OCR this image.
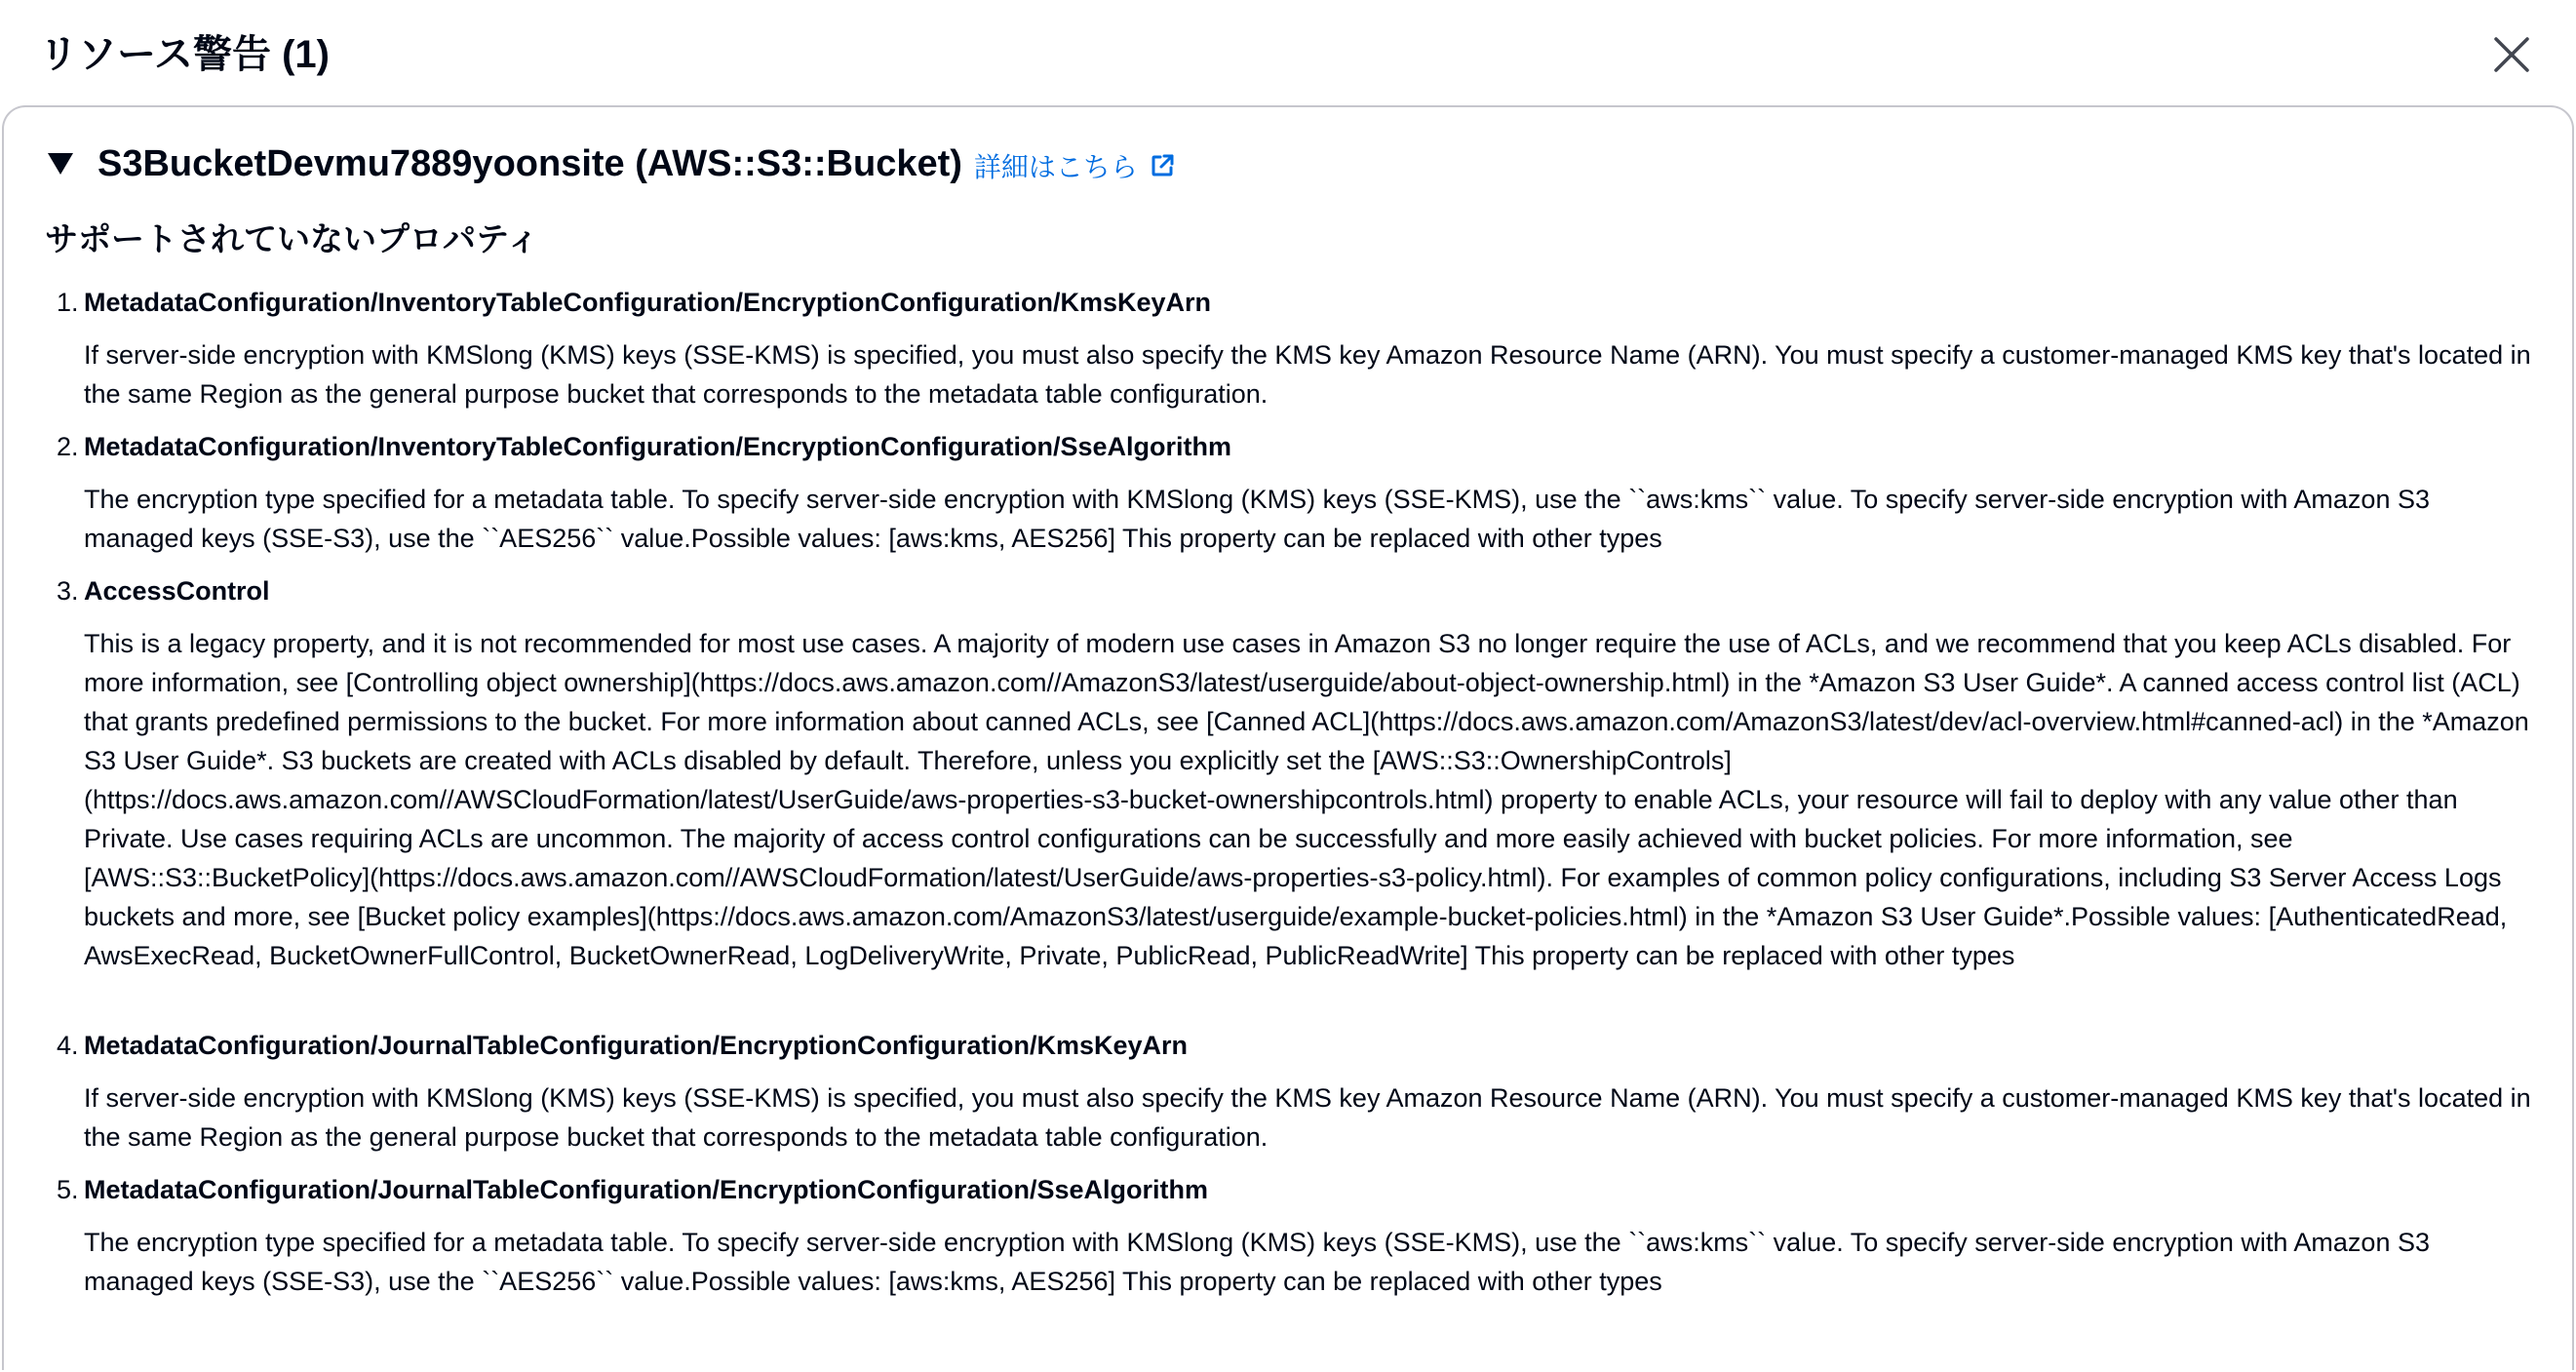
リソース警告 (1)
S3BucketDevmu7889yoonsite (AWS::S3::Bucket) 詳細はこちら
サポートされていないプロパティ
1. MetadataConfiguration/InventoryTableConfiguration/EncryptionConfiguration/KmsKeyArn
If server-side encryption with KMSlong (KMS) keys (SSE-KMS) is specified, you must also specify the KMS key Amazon Resource Name (ARN). You must specify a customer-managed KMS key that's located in the same Region as the general purpose bucket that corresponds to the metadata table configuration.
2. MetadataConfiguration/InventoryTableConfiguration/EncryptionConfiguration/SseAlgorithm
The encryption type specified for a metadata table. To specify server-side encryption with KMSlong (KMS) keys (SSE-KMS), use the ``aws:kms`` value. To specify server-side encryption with Amazon S3 managed keys (SSE-S3), use the ``AES256`` value.Possible values: [aws:kms, AES256] This property can be replaced with other types
3. AccessControl
This is a legacy property, and it is not recommended for most use cases. A majority of modern use cases in Amazon S3 no longer require the use of ACLs, and we recommend that you keep ACLs disabled. For more information, see [Controlling object ownership](https://docs.aws.amazon.com//AmazonS3/latest/userguide/about-object-ownership.html) in the *Amazon S3 User Guide*. A canned access control list (ACL) that grants predefined permissions to the bucket. For more information about canned ACLs, see [Canned ACL](https://docs.aws.amazon.com/AmazonS3/latest/dev/acl-overview.html#canned-acl) in the *Amazon S3 User Guide*. S3 buckets are created with ACLs disabled by default. Therefore, unless you explicitly set the [AWS::S3::OwnershipControls](https://docs.aws.amazon.com//AWSCloudFormation/latest/UserGuide/aws-properties-s3-bucket-ownershipcontrols.html) property to enable ACLs, your resource will fail to deploy with any value other than Private. Use cases requiring ACLs are uncommon. The majority of access control configurations can be successfully and more easily achieved with bucket policies. For more information, see [AWS::S3::BucketPolicy](https://docs.aws.amazon.com//AWSCloudFormation/latest/UserGuide/aws-properties-s3-policy.html). For examples of common policy configurations, including S3 Server Access Logs buckets and more, see [Bucket policy examples](https://docs.aws.amazon.com/AmazonS3/latest/userguide/example-bucket-policies.html) in the *Amazon S3 User Guide*.Possible values: [AuthenticatedRead, AwsExecRead, BucketOwnerFullControl, BucketOwnerRead, LogDeliveryWrite, Private, PublicRead, PublicReadWrite] This property can be replaced with other types
4. MetadataConfiguration/JournalTableConfiguration/EncryptionConfiguration/KmsKeyArn
If server-side encryption with KMSlong (KMS) keys (SSE-KMS) is specified, you must also specify the KMS key Amazon Resource Name (ARN). You must specify a customer-managed KMS key that's located in the same Region as the general purpose bucket that corresponds to the metadata table configuration.
5. MetadataConfiguration/JournalTableConfiguration/EncryptionConfiguration/SseAlgorithm
The encryption type specified for a metadata table. To specify server-side encryption with KMSlong (KMS) keys (SSE-KMS), use the ``aws:kms`` value. To specify server-side encryption with Amazon S3 managed keys (SSE-S3), use the ``AES256`` value.Possible values: [aws:kms, AES256] This property can be replaced with other types
